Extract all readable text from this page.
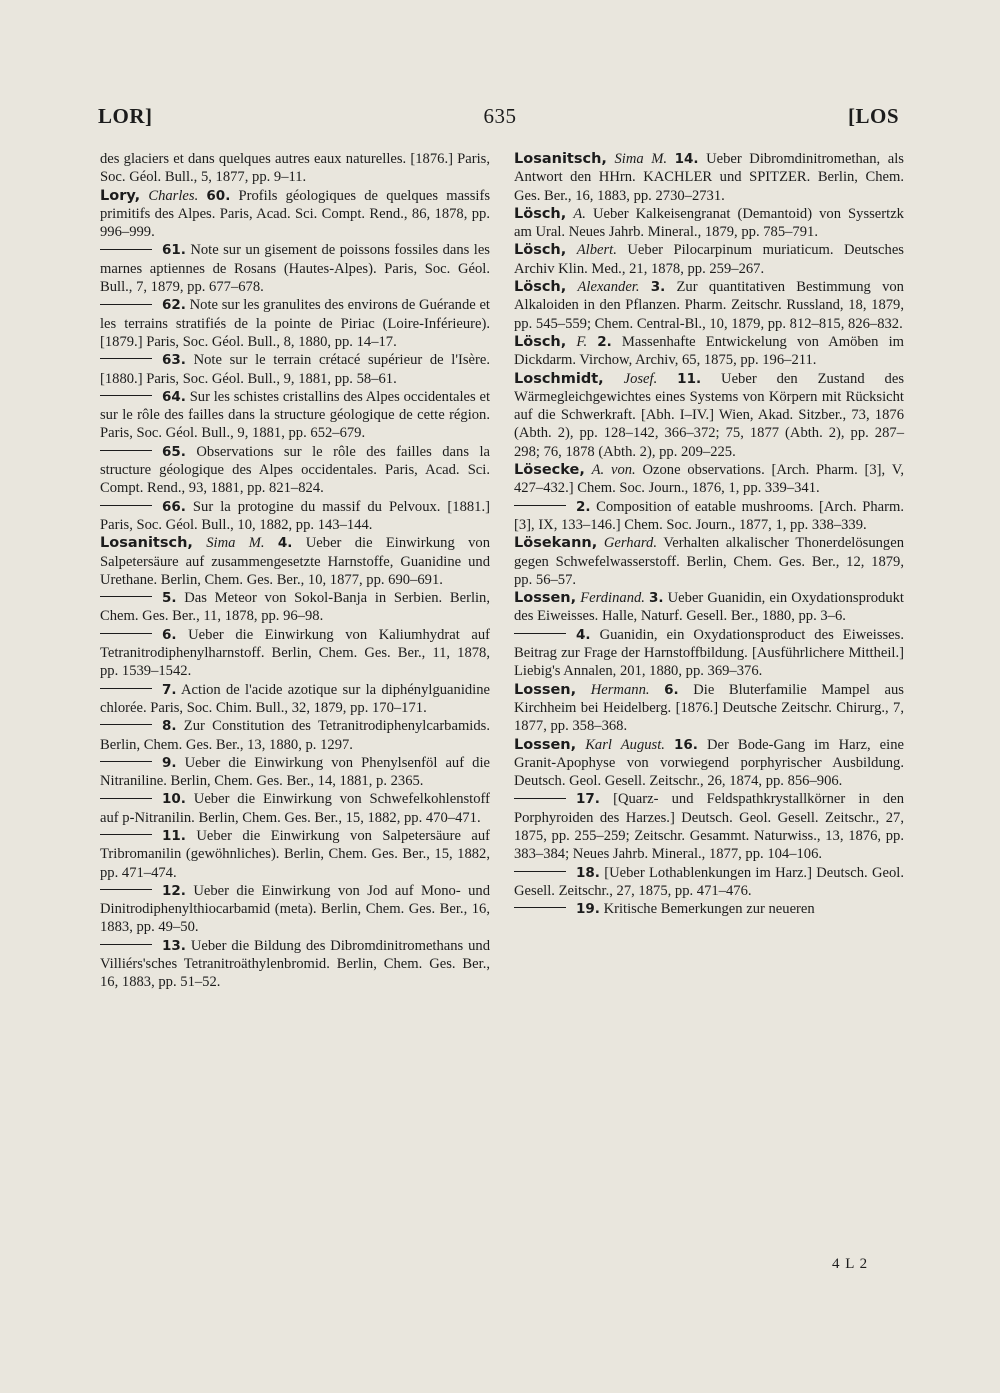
LOR]	635	[LOS

des glaciers et dans quelques autres eaux naturelles. [1876.] Paris, Soc. Géol. Bull., 5, 1877, pp. 9–11.

Lory, Charles. 60. Profils géologiques de quelques massifs primitifs des Alpes. Paris, Acad. Sci. Compt. Rend., 86, 1878, pp. 996–999.

61. Note sur un gisement de poissons fossiles dans les marnes aptiennes de Rosans (Hautes-Alpes). Paris, Soc. Géol. Bull., 7, 1879, pp. 677–678.

62. Note sur les granulites des environs de Guérande et les terrains stratifiés de la pointe de Piriac (Loire-Inférieure). [1879.] Paris, Soc. Géol. Bull., 8, 1880, pp. 14–17.

63. Note sur le terrain crétacé supérieur de l'Isère. [1880.] Paris, Soc. Géol. Bull., 9, 1881, pp. 58–61.

64. Sur les schistes cristallins des Alpes occidentales et sur le rôle des failles dans la structure géologique de cette région. Paris, Soc. Géol. Bull., 9, 1881, pp. 652–679.

65. Observations sur le rôle des failles dans la structure géologique des Alpes occidentales. Paris, Acad. Sci. Compt. Rend., 93, 1881, pp. 821–824.

66. Sur la protogine du massif du Pelvoux. [1881.] Paris, Soc. Géol. Bull., 10, 1882, pp. 143–144.

Losanitsch, Sima M. 4. Ueber die Einwirkung von Salpetersäure auf zusammengesetzte Harnstoffe, Guanidine und Urethane. Berlin, Chem. Ges. Ber., 10, 1877, pp. 690–691.

5. Das Meteor von Sokol-Banja in Serbien. Berlin, Chem. Ges. Ber., 11, 1878, pp. 96–98.

6. Ueber die Einwirkung von Kaliumhydrat auf Tetranitrodiphenylharnstoff. Berlin, Chem. Ges. Ber., 11, 1878, pp. 1539–1542.

7. Action de l'acide azotique sur la diphénylguanidine chlorée. Paris, Soc. Chim. Bull., 32, 1879, pp. 170–171.

8. Zur Constitution des Tetranitrodiphenylcarbamids. Berlin, Chem. Ges. Ber., 13, 1880, p. 1297.

9. Ueber die Einwirkung von Phenylsenföl auf die Nitraniline. Berlin, Chem. Ges. Ber., 14, 1881, p. 2365.

10. Ueber die Einwirkung von Schwefelkohlenstoff auf p-Nitranilin. Berlin, Chem. Ges. Ber., 15, 1882, pp. 470–471.

11. Ueber die Einwirkung von Salpetersäure auf Tribromanilin (gewöhnliches). Berlin, Chem. Ges. Ber., 15, 1882, pp. 471–474.

12. Ueber die Einwirkung von Jod auf Mono- und Dinitrodiphenylthiocarbamid (meta). Berlin, Chem. Ges. Ber., 16, 1883, pp. 49–50.

13. Ueber die Bildung des Dibromdinitromethans und Villiérs'sches Tetranitroäthylenbromid. Berlin, Chem. Ges. Ber., 16, 1883, pp. 51–52.

Losanitsch, Sima M. 14. Ueber Dibromdinitromethan, als Antwort den HHrn. KACHLER und SPITZER. Berlin, Chem. Ges. Ber., 16, 1883, pp. 2730–2731.

Lösch, A. Ueber Kalkeisengranat (Demantoid) von Syssertzk am Ural. Neues Jahrb. Mineral., 1879, pp. 785–791.

Lösch, Albert. Ueber Pilocarpinum muriaticum. Deutsches Archiv Klin. Med., 21, 1878, pp. 259–267.

Lösch, Alexander. 3. Zur quantitativen Bestimmung von Alkaloiden in den Pflanzen. Pharm. Zeitschr. Russland, 18, 1879, pp. 545–559; Chem. Central-Bl., 10, 1879, pp. 812–815, 826–832.

Lösch, F. 2. Massenhafte Entwickelung von Amöben im Dickdarm. Virchow, Archiv, 65, 1875, pp. 196–211.

Loschmidt, Josef. 11. Ueber den Zustand des Wärmegleichgewichtes eines Systems von Körpern mit Rücksicht auf die Schwerkraft. [Abh. I–IV.] Wien, Akad. Sitzber., 73, 1876 (Abth. 2), pp. 128–142, 366–372; 75, 1877 (Abth. 2), pp. 287–298; 76, 1878 (Abth. 2), pp. 209–225.

Lösecke, A. von. Ozone observations. [Arch. Pharm. [3], V, 427–432.] Chem. Soc. Journ., 1876, 1, pp. 339–341.

2. Composition of eatable mushrooms. [Arch. Pharm. [3], IX, 133–146.] Chem. Soc. Journ., 1877, 1, pp. 338–339.

Lösekann, Gerhard. Verhalten alkalischer Thonerdelösungen gegen Schwefelwasserstoff. Berlin, Chem. Ges. Ber., 12, 1879, pp. 56–57.

Lossen, Ferdinand. 3. Ueber Guanidin, ein Oxydationsprodukt des Eiweisses. Halle, Naturf. Gesell. Ber., 1880, pp. 3–6.

4. Guanidin, ein Oxydationsproduct des Eiweisses. Beitrag zur Frage der Harnstoffbildung. [Ausführlichere Mittheil.] Liebig's Annalen, 201, 1880, pp. 369–376.

Lossen, Hermann. 6. Die Bluterfamilie Mampel aus Kirchheim bei Heidelberg. [1876.] Deutsche Zeitschr. Chirurg., 7, 1877, pp. 358–368.

Lossen, Karl August. 16. Der Bode-Gang im Harz, eine Granit-Apophyse von vorwiegend porphyrischer Ausbildung. Deutsch. Geol. Gesell. Zeitschr., 26, 1874, pp. 856–906.

17. [Quarz- und Feldspathkrystallkörner in den Porphyroiden des Harzes.] Deutsch. Geol. Gesell. Zeitschr., 27, 1875, pp. 255–259; Zeitschr. Gesammt. Naturwiss., 13, 1876, pp. 383–384; Neues Jahrb. Mineral., 1877, pp. 104–106.

18. [Ueber Lothablenkungen im Harz.] Deutsch. Geol. Gesell. Zeitschr., 27, 1875, pp. 471–476.

19. Kritische Bemerkungen zur neueren

4 L 2
